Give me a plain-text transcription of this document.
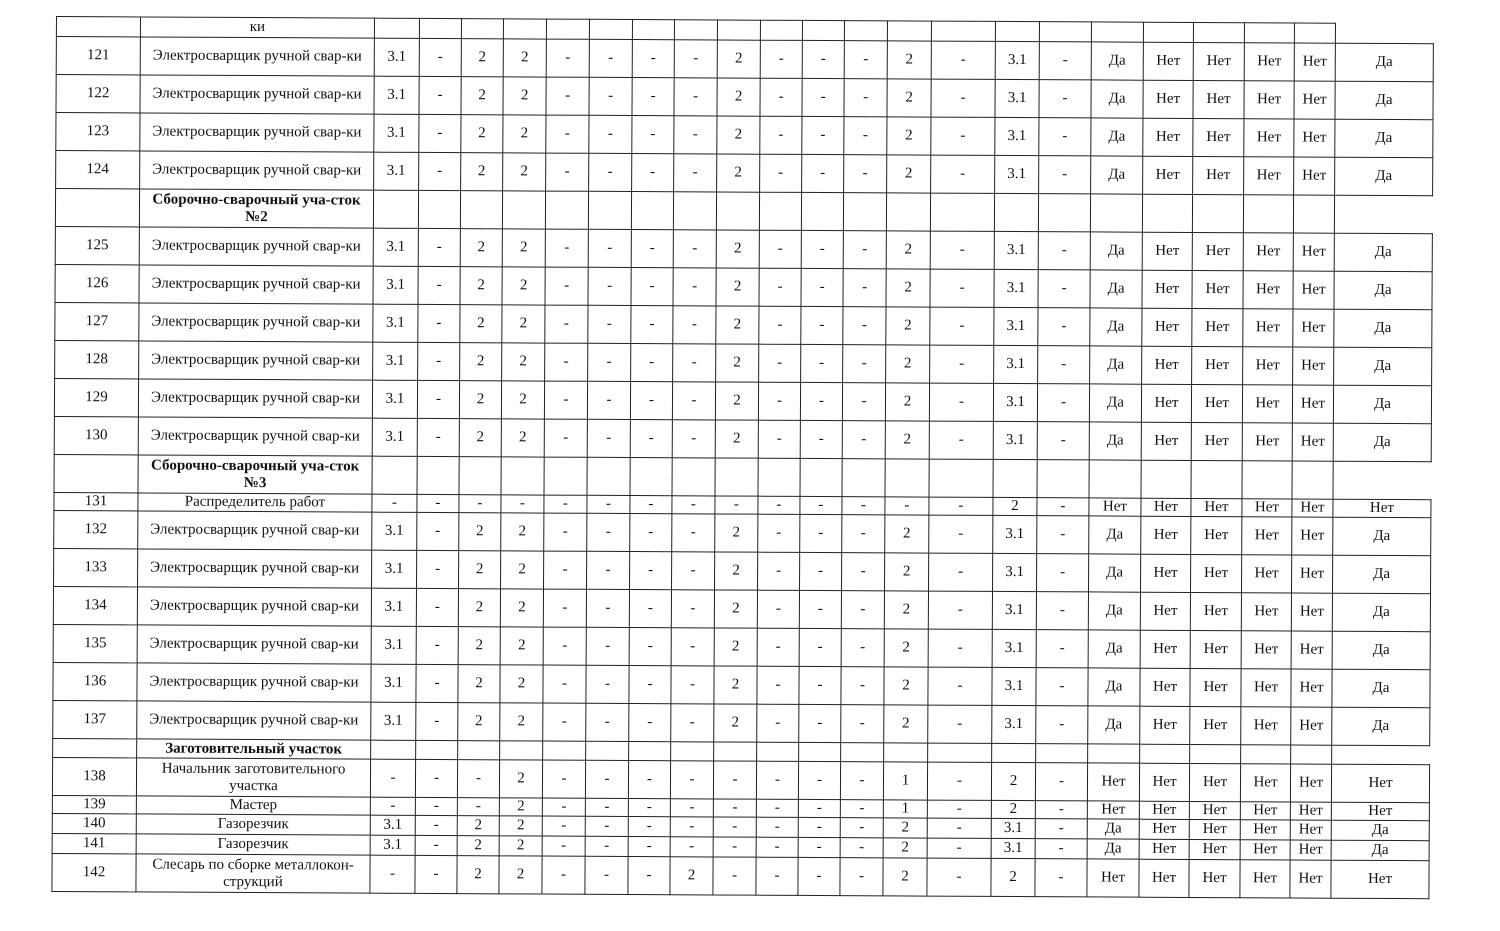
	ки																						
121	Электросварщик ручной свар-ки	3.1	-	2	2	-	-	-	-	2	-	-	-	2	-	3.1	-	Да	Нет	Нет	Нет	Нет	Да
122	Электросварщик ручной свар-ки	3.1	-	2	2	-	-	-	-	2	-	-	-	2	-	3.1	-	Да	Нет	Нет	Нет	Нет	Да
123	Электросварщик ручной свар-ки	3.1	-	2	2	-	-	-	-	2	-	-	-	2	-	3.1	-	Да	Нет	Нет	Нет	Нет	Да
124	Электросварщик ручной свар-ки	3.1	-	2	2	-	-	-	-	2	-	-	-	2	-	3.1	-	Да	Нет	Нет	Нет	Нет	Да
	Сборочно-сварочный уча-сток №2																						
125	Электросварщик ручной свар-ки	3.1	-	2	2	-	-	-	-	2	-	-	-	2	-	3.1	-	Да	Нет	Нет	Нет	Нет	Да
126	Электросварщик ручной свар-ки	3.1	-	2	2	-	-	-	-	2	-	-	-	2	-	3.1	-	Да	Нет	Нет	Нет	Нет	Да
127	Электросварщик ручной свар-ки	3.1	-	2	2	-	-	-	-	2	-	-	-	2	-	3.1	-	Да	Нет	Нет	Нет	Нет	Да
128	Электросварщик ручной свар-ки	3.1	-	2	2	-	-	-	-	2	-	-	-	2	-	3.1	-	Да	Нет	Нет	Нет	Нет	Да
129	Электросварщик ручной свар-ки	3.1	-	2	2	-	-	-	-	2	-	-	-	2	-	3.1	-	Да	Нет	Нет	Нет	Нет	Да
130	Электросварщик ручной свар-ки	3.1	-	2	2	-	-	-	-	2	-	-	-	2	-	3.1	-	Да	Нет	Нет	Нет	Нет	Да
	Сборочно-сварочный уча-сток №3																						
131	Распределитель работ	-	-	-	-	-	-	-	-	-	-	-	-	-	-	2	-	Нет	Нет	Нет	Нет	Нет	Нет
132	Электросварщик ручной свар-ки	3.1	-	2	2	-	-	-	-	2	-	-	-	2	-	3.1	-	Да	Нет	Нет	Нет	Нет	Да
133	Электросварщик ручной свар-ки	3.1	-	2	2	-	-	-	-	2	-	-	-	2	-	3.1	-	Да	Нет	Нет	Нет	Нет	Да
134	Электросварщик ручной свар-ки	3.1	-	2	2	-	-	-	-	2	-	-	-	2	-	3.1	-	Да	Нет	Нет	Нет	Нет	Да
135	Электросварщик ручной свар-ки	3.1	-	2	2	-	-	-	-	2	-	-	-	2	-	3.1	-	Да	Нет	Нет	Нет	Нет	Да
136	Электросварщик ручной свар-ки	3.1	-	2	2	-	-	-	-	2	-	-	-	2	-	3.1	-	Да	Нет	Нет	Нет	Нет	Да
137	Электросварщик ручной свар-ки	3.1	-	2	2	-	-	-	-	2	-	-	-	2	-	3.1	-	Да	Нет	Нет	Нет	Нет	Да
	Заготовительный участок																						
138	Начальник заготовительного участка	-	-	-	2	-	-	-	-	-	-	-	-	1	-	2	-	Нет	Нет	Нет	Нет	Нет	Нет
139	Мастер	-	-	-	2	-	-	-	-	-	-	-	-	1	-	2	-	Нет	Нет	Нет	Нет	Нет	Нет
140	Газорезчик	3.1	-	2	2	-	-	-	-	-	-	-	-	2	-	3.1	-	Да	Нет	Нет	Нет	Нет	Да
141	Газорезчик	3.1	-	2	2	-	-	-	-	-	-	-	-	2	-	3.1	-	Да	Нет	Нет	Нет	Нет	Да
142	Слесарь по сборке металлокон-струкций	-	-	2	2	-	-	-	2	-	-	-	-	2	-	2	-	Нет	Нет	Нет	Нет	Нет	Нет
